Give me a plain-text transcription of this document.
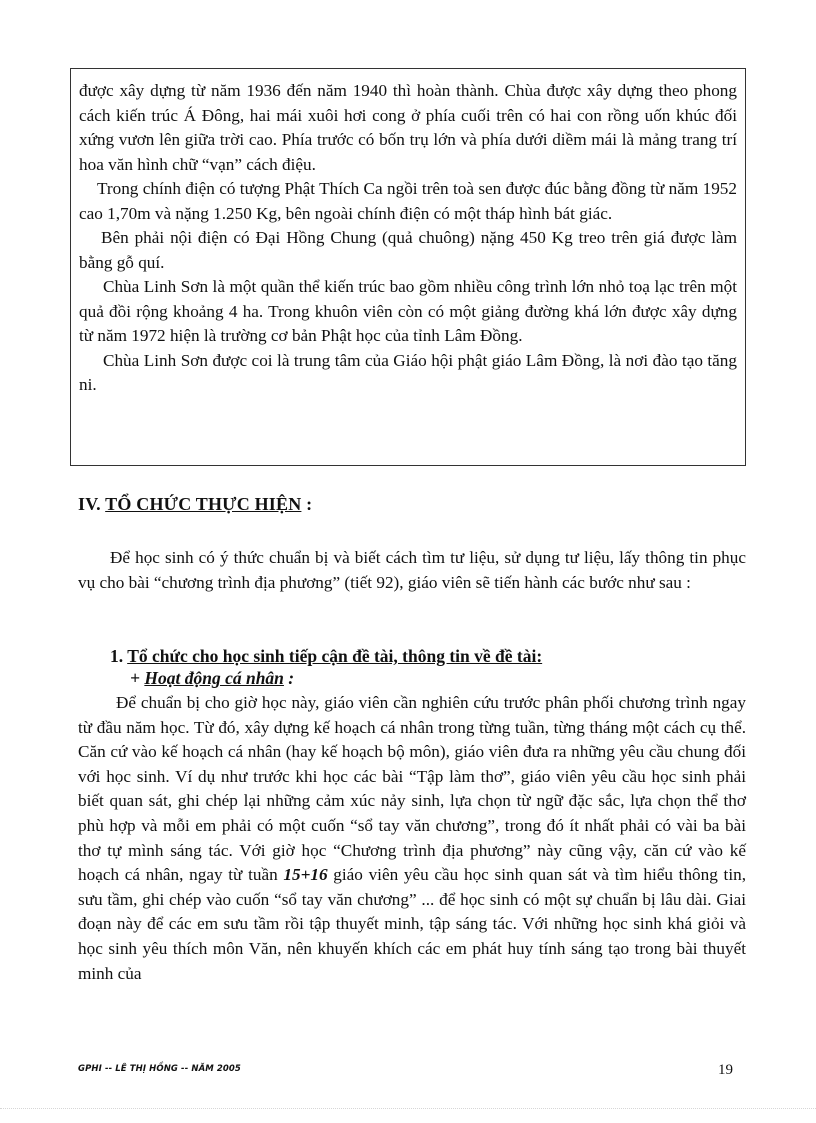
được xây dựng từ năm 1936 đến năm 1940 thì hoàn thành. Chùa được xây dựng theo phong cách kiến trúc Á Đông, hai mái xuôi hơi cong ở phía cuối trên có hai con rồng uốn khúc đối xứng vươn lên giữa trời cao. Phía trước có bốn trụ lớn và phía dưới diềm mái là mảng trang trí hoa văn hình chữ “vạn” cách điệu.

Trong chính điện có tượng Phật Thích Ca ngồi trên toà sen được đúc bằng đồng từ năm 1952 cao 1,70m và nặng 1.250 Kg, bên ngoài chính điện có một tháp hình bát giác.

Bên phải nội điện có Đại Hồng Chung (quả chuông) nặng 450 Kg treo trên giá được làm bằng gỗ quí.

Chùa Linh Sơn là một quần thể kiến trúc bao gồm nhiều công trình lớn nhỏ toạ lạc trên một quả đồi rộng khoảng 4 ha. Trong khuôn viên còn có một giảng đường khá lớn được xây dựng từ năm 1972 hiện là trường cơ bản Phật học của tỉnh Lâm Đồng.

Chùa Linh Sơn được coi là trung tâm của Giáo hội phật giáo Lâm Đồng, là nơi đào tạo tăng ni.

IV. TỔ CHỨC THỰC HIỆN :

Để học sinh có ý thức chuẩn bị và biết cách tìm tư liệu, sử dụng tư liệu, lấy thông tin phục vụ cho bài “chương trình địa phương” (tiết 92), giáo viên sẽ tiến hành các bước như sau :

1. Tổ chức cho học sinh tiếp cận đề tài, thông tin về đề tài:
+ Hoạt động cá nhân :

Để chuẩn bị cho giờ học này, giáo viên cần nghiên cứu trước phân phối chương trình ngay từ đầu năm học. Từ đó, xây dựng kế hoạch cá nhân trong từng tuần, từng tháng một cách cụ thể. Căn cứ vào kế hoạch cá nhân (hay kế hoạch bộ môn), giáo viên đưa ra những yêu cầu chung đối với học sinh. Ví dụ như trước khi học các bài “Tập làm thơ”, giáo viên yêu cầu học sinh phải biết quan sát, ghi chép lại những cảm xúc nảy sinh, lựa chọn từ ngữ đặc sắc, lựa chọn thể thơ phù hợp và mỗi em phải có một cuốn “sổ tay văn chương”, trong đó ít nhất phải có vài ba bài thơ tự mình sáng tác. Với giờ học “Chương trình địa phương” này cũng vậy, căn cứ vào kế hoạch cá nhân, ngay từ tuần 15+16 giáo viên yêu cầu học sinh quan sát và tìm hiểu thông tin, sưu tầm, ghi chép vào cuốn “sổ tay văn chương” ... để học sinh có một sự chuẩn bị lâu dài. Giai đoạn này để các em sưu tầm rồi tập thuyết minh, tập sáng tác. Với những học sinh khá giỏi và học sinh yêu thích môn Văn, nên khuyến khích các em phát huy tính sáng tạo trong bài thuyết minh của

GPHI -- LÊ THỊ HỒNG -- NĂM 2005	19
